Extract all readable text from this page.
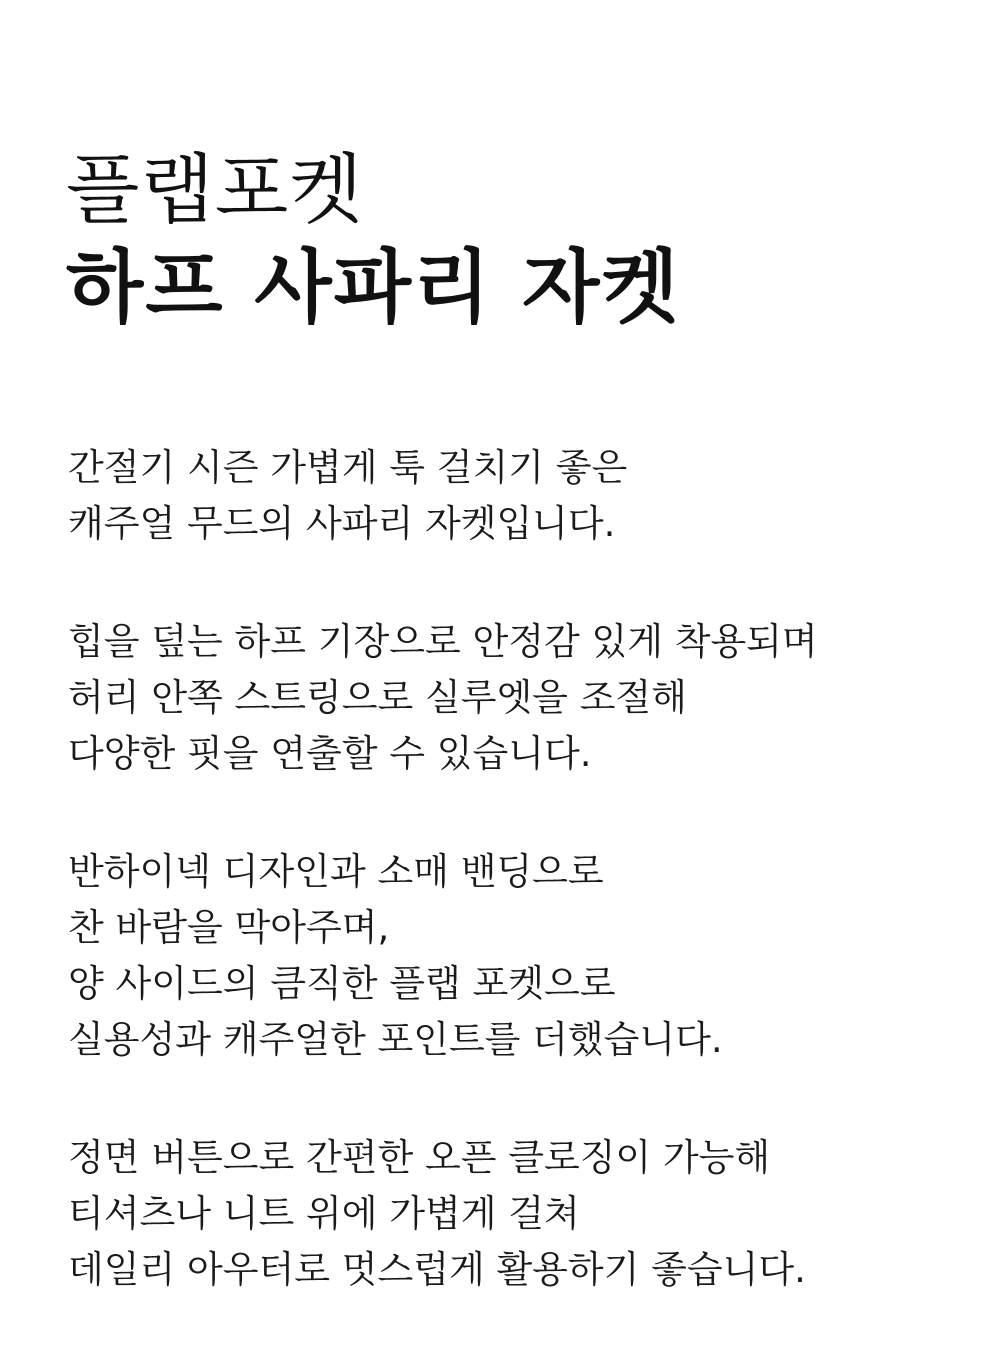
플랩포켓
하프 사파리 자켓
간절기 시즌 가볍게 툭 걸치기 좋은
캐주얼 무드의 사파리 자켓입니다.
힙을 덮는 하프 기장으로 안정감 있게 착용되며
허리 안쪽 스트링으로 실루엣을 조절해
다양한 핏을 연출할 수 있습니다.
반하이넥 디자인과 소매 밴딩으로
찬 바람을 막아주며,
양 사이드의 큼직한 플랩 포켓으로
실용성과 캐주얼한 포인트를 더했습니다.
정면 버튼으로 간편한 오픈 클로징이 가능해
티셔츠나 니트 위에 가볍게 걸쳐
데일리 아우터로 멋스럽게 활용하기 좋습니다.
